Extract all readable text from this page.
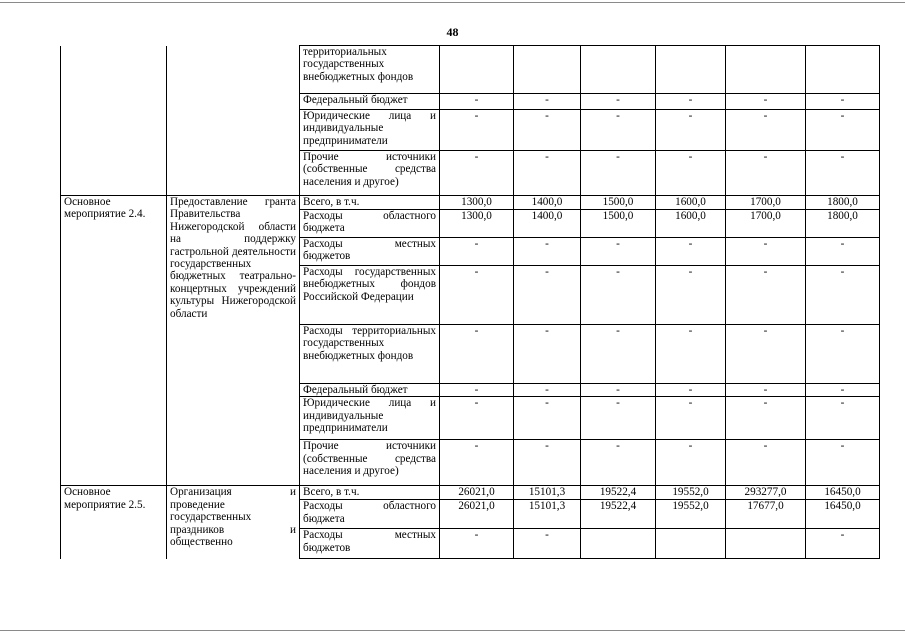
48
		территориальных государственных внебюджетных фондов						
		Федеральный бюджет	-	-	-	-	-	-
		Юридические лица и индивидуальные предприниматели	-	-	-	-	-	-
		Прочие источники (собственные средства населения и другое)	-	-	-	-	-	-
Основное мероприятие 2.4.	Предоставление гранта Правительства Нижегородской области на поддержку гастрольной деятельности государственных бюджетных театрально-концертных учреждений культуры Нижегородской области	Всего, в т.ч.	1300,0	1400,0	1500,0	1600,0	1700,0	1800,0
		Расходы областного бюджета	1300,0	1400,0	1500,0	1600,0	1700,0	1800,0
		Расходы местных бюджетов	-	-	-	-	-	-
		Расходы государственных внебюджетных фондов Российской Федерации	-	-	-	-	-	-
		Расходы территориальных государственных внебюджетных фондов	-	-	-	-	-	-
		Федеральный бюджет	-	-	-	-	-	-
		Юридические лица и индивидуальные предприниматели	-	-	-	-	-	-
		Прочие источники (собственные средства населения и другое)	-	-	-	-	-	-
Основное мероприятие 2.5.	Организация и проведение государственных праздников и общественно	Всего, в т.ч.	26021,0	15101,3	19522,4	19552,0	293277,0	16450,0
		Расходы областного бюджета	26021,0	15101,3	19522,4	19552,0	17677,0	16450,0
		Расходы местных бюджетов	-	-				-
